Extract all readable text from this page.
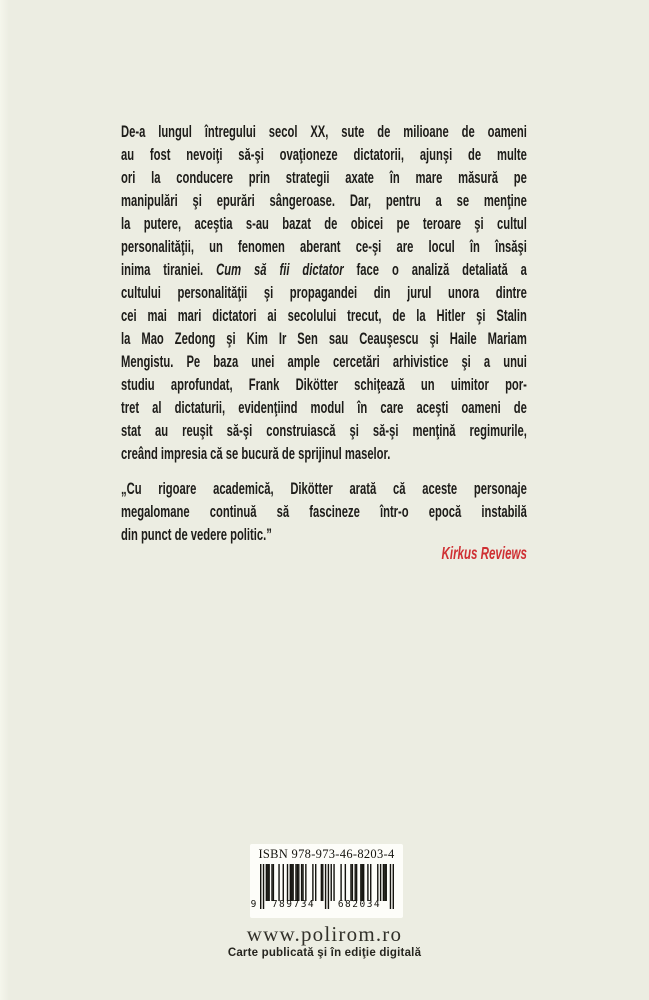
De-a lungul întregului secol XX, sute de milioane de oameni
au fost nevoiţi să-şi ovaţioneze dictatorii, ajunşi de multe
ori la conducere prin strategii axate în mare măsură pe
manipulări şi epurări sângeroase. Dar, pentru a se menţine
la putere, aceştia s-au bazat de obicei pe teroare şi cultul
personalităţii, un fenomen aberant ce-şi are locul în însăşi
inima tiraniei. Cum să fii dictator face o analiză detaliată a
cultului personalităţii şi propagandei din jurul unora dintre
cei mai mari dictatori ai secolului trecut, de la Hitler şi Stalin
la Mao Zedong şi Kim Ir Sen sau Ceauşescu şi Haile Mariam
Mengistu. Pe baza unei ample cercetări arhivistice şi a unui
studiu aprofundat, Frank Dikötter schiţează un uimitor por-
tret al dictaturii, evidenţiind modul în care aceşti oameni de
stat au reuşit să-şi construiască şi să-şi menţină regimurile,
creând impresia că se bucură de sprijinul maselor.
„Cu rigoare academică, Dikötter arată că aceste personaje
megalomane continuă să fascineze într-o epocă instabilă
din punct de vedere politic.”
Kirkus Reviews
ISBN 978-973-46-8203-4
9	789734	682034
www.polirom.ro
Carte publicată şi în ediţie digitală
